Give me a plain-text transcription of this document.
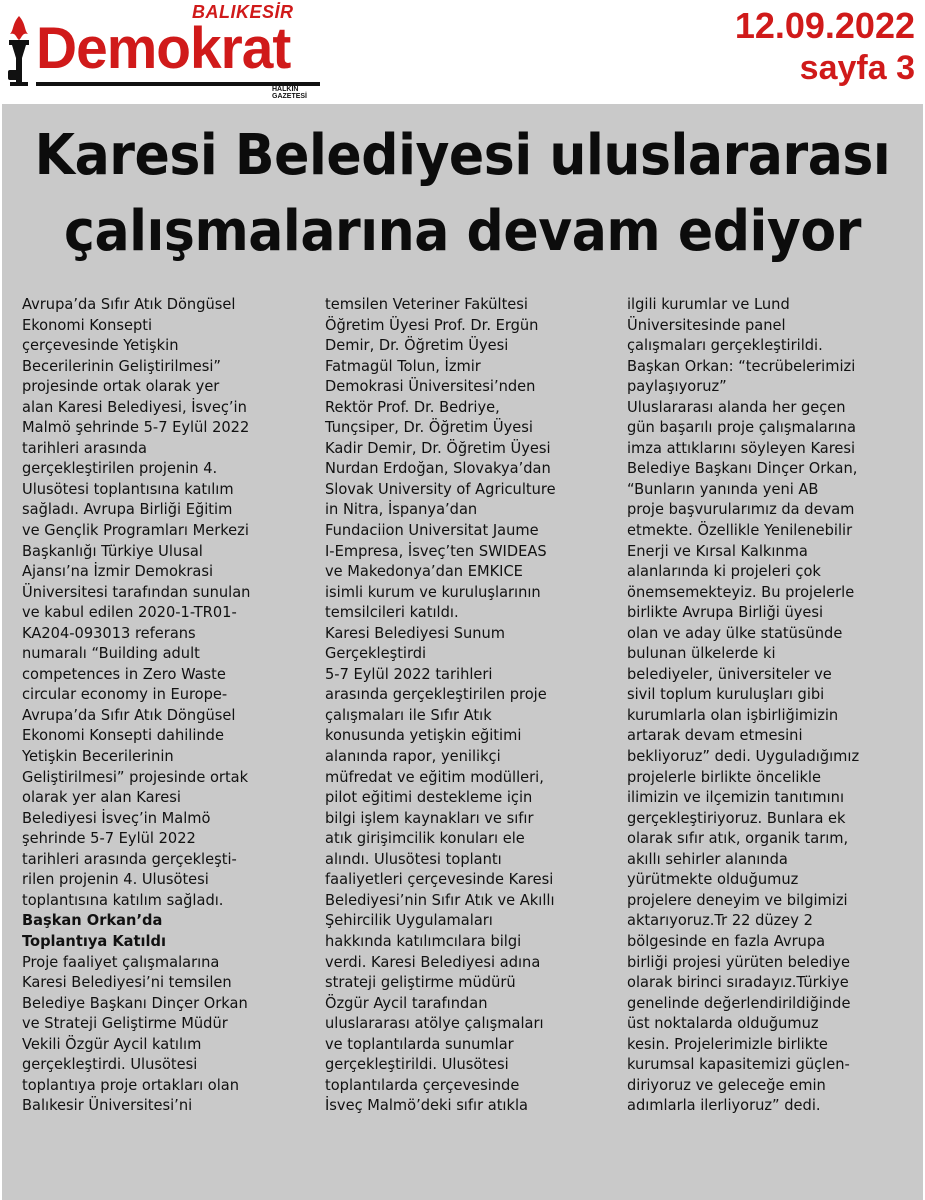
BALIKESİR
Demokrat
HALKIN GAZETESİ
12.09.2022
sayfa 3
Karesi Belediyesi uluslararası
çalışmalarına devam ediyor
Avrupa’da Sıfır Atık Döngüsel
Ekonomi Konsepti
çerçevesinde Yetişkin
Becerilerinin Geliştirilmesi”
projesinde ortak olarak yer
alan Karesi Belediyesi, İsveç’in
Malmö şehrinde 5-7 Eylül 2022
tarihleri arasında
gerçekleştirilen projenin 4.
Ulusötesi toplantısına katılım
sağladı. Avrupa Birliği Eğitim
ve Gençlik Programları Merkezi
Başkanlığı Türkiye Ulusal
Ajansı’na İzmir Demokrasi
Üniversitesi tarafından sunulan
ve kabul edilen 2020-1-TR01-
KA204-093013 referans
numaralı “Building adult
competences in Zero Waste
circular economy in Europe-
Avrupa’da Sıfır Atık Döngüsel
Ekonomi Konsepti dahilinde
Yetişkin Becerilerinin
Geliştirilmesi” projesinde ortak
olarak yer alan Karesi
Belediyesi İsveç’in Malmö
şehrinde 5-7 Eylül 2022
tarihleri arasında gerçekleşti-
rilen projenin 4. Ulusötesi
toplantısına katılım sağladı.
Başkan Orkan’da
Toplantıya Katıldı
Proje faaliyet çalışmalarına
Karesi Belediyesi’ni temsilen
Belediye Başkanı Dinçer Orkan
ve Strateji Geliştirme Müdür
Vekili Özgür Aycil katılım
gerçekleştirdi. Ulusötesi
toplantıya proje ortakları olan
Balıkesir Üniversitesi’ni
temsilen Veteriner Fakültesi
Öğretim Üyesi Prof. Dr. Ergün
Demir, Dr. Öğretim Üyesi
Fatmagül Tolun, İzmir
Demokrasi Üniversitesi’nden
Rektör Prof. Dr. Bedriye,
Tunçsiper, Dr. Öğretim Üyesi
Kadir Demir, Dr. Öğretim Üyesi
Nurdan Erdoğan, Slovakya’dan
Slovak University of Agriculture
in Nitra, İspanya’dan
Fundaciion Universitat Jaume
I-Empresa, İsveç’ten SWIDEAS
ve Makedonya’dan EMKICE
isimli kurum ve kuruluşlarının
temsilcileri katıldı.
Karesi Belediyesi Sunum
Gerçekleştirdi
5-7 Eylül 2022 tarihleri
arasında gerçekleştirilen proje
çalışmaları ile Sıfır Atık
konusunda yetişkin eğitimi
alanında rapor, yenilikçi
müfredat ve eğitim modülleri,
pilot eğitimi destekleme için
bilgi işlem kaynakları ve sıfır
atık girişimcilik konuları ele
alındı. Ulusötesi toplantı
faaliyetleri çerçevesinde Karesi
Belediyesi’nin Sıfır Atık ve Akıllı
Şehircilik Uygulamaları
hakkında katılımcılara bilgi
verdi. Karesi Belediyesi adına
strateji geliştirme müdürü
Özgür Aycil tarafından
uluslararası atölye çalışmaları
ve toplantılarda sunumlar
gerçekleştirildi. Ulusötesi
toplantılarda çerçevesinde
İsveç Malmö’deki sıfır atıkla
ilgili kurumlar ve Lund
Üniversitesinde panel
çalışmaları gerçekleştirildi.
Başkan Orkan: “tecrübelerimizi
paylaşıyoruz”
Uluslararası alanda her geçen
gün başarılı proje çalışmalarına
imza attıklarını söyleyen Karesi
Belediye Başkanı Dinçer Orkan,
“Bunların yanında yeni AB
proje başvurularımız da devam
etmekte. Özellikle Yenilenebilir
Enerji ve Kırsal Kalkınma
alanlarında ki projeleri çok
önemsemekteyiz. Bu projelerle
birlikte Avrupa Birliği üyesi
olan ve aday ülke statüsünde
bulunan ülkelerde ki
belediyeler, üniversiteler ve
sivil toplum kuruluşları gibi
kurumlarla olan işbirliğimizin
artarak devam etmesini
bekliyoruz” dedi. Uyguladığımız
projelerle birlikte öncelikle
ilimizin ve ilçemizin tanıtımını
gerçekleştiriyoruz. Bunlara ek
olarak sıfır atık, organik tarım,
akıllı sehirler alanında
yürütmekte olduğumuz
projelere deneyim ve bilgimizi
aktarıyoruz.Tr 22 düzey 2
bölgesinde en fazla Avrupa
birliği projesi yürüten belediye
olarak birinci sıradayız.Türkiye
genelinde değerlendirildiğinde
üst noktalarda olduğumuz
kesin. Projelerimizle birlikte
kurumsal kapasitemizi güçlen-
diriyoruz ve geleceğe emin
adımlarla ilerliyoruz” dedi.
